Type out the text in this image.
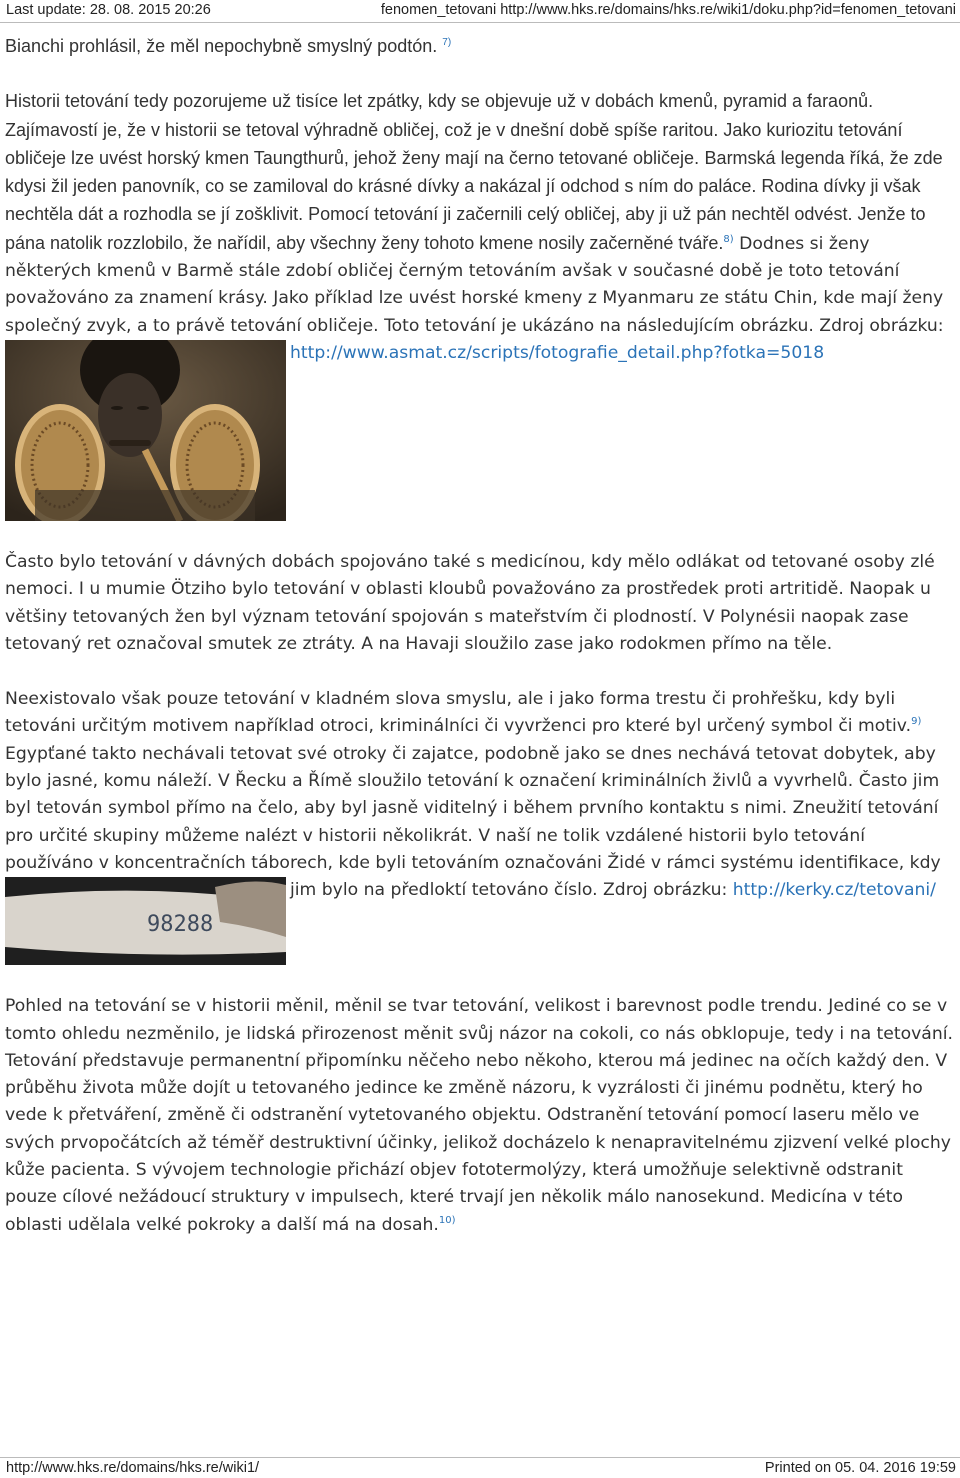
Last update: 28. 08. 2015 20:26	fenomen_tetovani http://www.hks.re/domains/hks.re/wiki1/doku.php?id=fenomen_tetovani

Bianchi prohlásil, že měl nepochybně smyslný podtón. $^{7)}$

Historii tetování tedy pozorujeme už tisíce let zpátky, kdy se objevuje už v dobách kmenů, pyramid a faraonů. Zajímavostí je, že v historii se tetoval výhradně obličej, což je v dnešní době spíše raritou. Jako kuriozitu tetování obličeje lze uvést horský kmen Taungthurů, jehož ženy mají na černo tetované obličeje. Barmská legenda říká, že zde kdysi žil jeden panovník, co se zamiloval do krásné dívky a nakázal jí odchod s ním do paláce. Rodina dívky ji však nechtěla dát a rozhodla se jí zošklivit. Pomocí tetování ji začernili celý obličej, aby ji už pán nechtěl odvést. Jenže to pána natolik rozzlobilo, že nařídil, aby všechny ženy tohoto kmene nosily začerněné tváře.$^{8)}$ Dodnes si ženy některých kmenů v Barmě stále zdobí obličej černým tetováním avšak v současné době je toto tetování považováno za znamení krásy. Jako příklad lze uvést horské kmeny z Myanmaru ze státu Chin, kde mají ženy společný zvyk, a to právě tetování obličeje. Toto tetování je ukázáno na následujícím obrázku. Zdroj obrázku: http://www.asmat.cz/scripts/fotografie_detail.php?fotka=5018

Často bylo tetování v dávných dobách spojováno také s medicínou, kdy mělo odlákat od tetované osoby zlé nemoci. I u mumie Ötziho bylo tetování v oblasti kloubů považováno za prostředek proti artritidě. Naopak u většiny tetovaných žen byl význam tetování spojován s mateřstvím či plodností. V Polynésii naopak zase tetovaný ret označoval smutek ze ztráty. A na Havaji sloužilo zase jako rodokmen přímo na těle.

Neexistovalo však pouze tetování v kladném slova smyslu, ale i jako forma trestu či prohřešku, kdy byli tetováni určitým motivem například otroci, kriminálníci či vyvrženci pro které byl určený symbol či motiv.$^{9)}$ Egypťané takto nechávali tetovat své otroky či zajatce, podobně jako se dnes nechává tetovat dobytek, aby bylo jasné, komu náleží. V Řecku a Římě sloužilo tetování k označení kriminálních živlů a vyvrhelů. Často jim byl tetován symbol přímo na čelo, aby byl jasně viditelný i během prvního kontaktu s nimi. Zneužití tetování pro určité skupiny můžeme nalézt v historii několikrát. V naší ne tolik vzdálené historii bylo tetování používáno v koncentračních táborech, kde byli tetováním označováni Židé v rámci systému identifikace, kdy jim bylo na předloktí tetováno číslo. Zdroj obrázku:
98288
http://kerky.cz/tetovani/

Pohled na tetování se v historii měnil, měnil se tvar tetování, velikost i barevnost podle trendu. Jediné co se v tomto ohledu nezměnilo, je lidská přirozenost měnit svůj názor na cokoli, co nás obklopuje, tedy i na tetování. Tetování představuje permanentní připomínku něčeho nebo někoho, kterou má jedinec na očích každý den. V průběhu života může dojít u tetovaného jedince ke změně názoru, k vyzrálosti či jinému podnětu, který ho vede k přetváření, změně či odstranění vytetovaného objektu. Odstranění tetování pomocí laseru mělo ve svých prvopočátcích až téměř destruktivní účinky, jelikož docházelo k nenapravitelnému zjizvení velké plochy kůže pacienta. S vývojem technologie přichází objev fototermolýzy, která umožňuje selektivně odstranit pouze cílové nežádoucí struktury v impulsech, které trvají jen několik málo nanosekund. Medicína v této oblasti udělala velké pokroky a další má na dosah.$^{10)}$

http://www.hks.re/domains/hks.re/wiki1/	Printed on 05. 04. 2016 19:59
